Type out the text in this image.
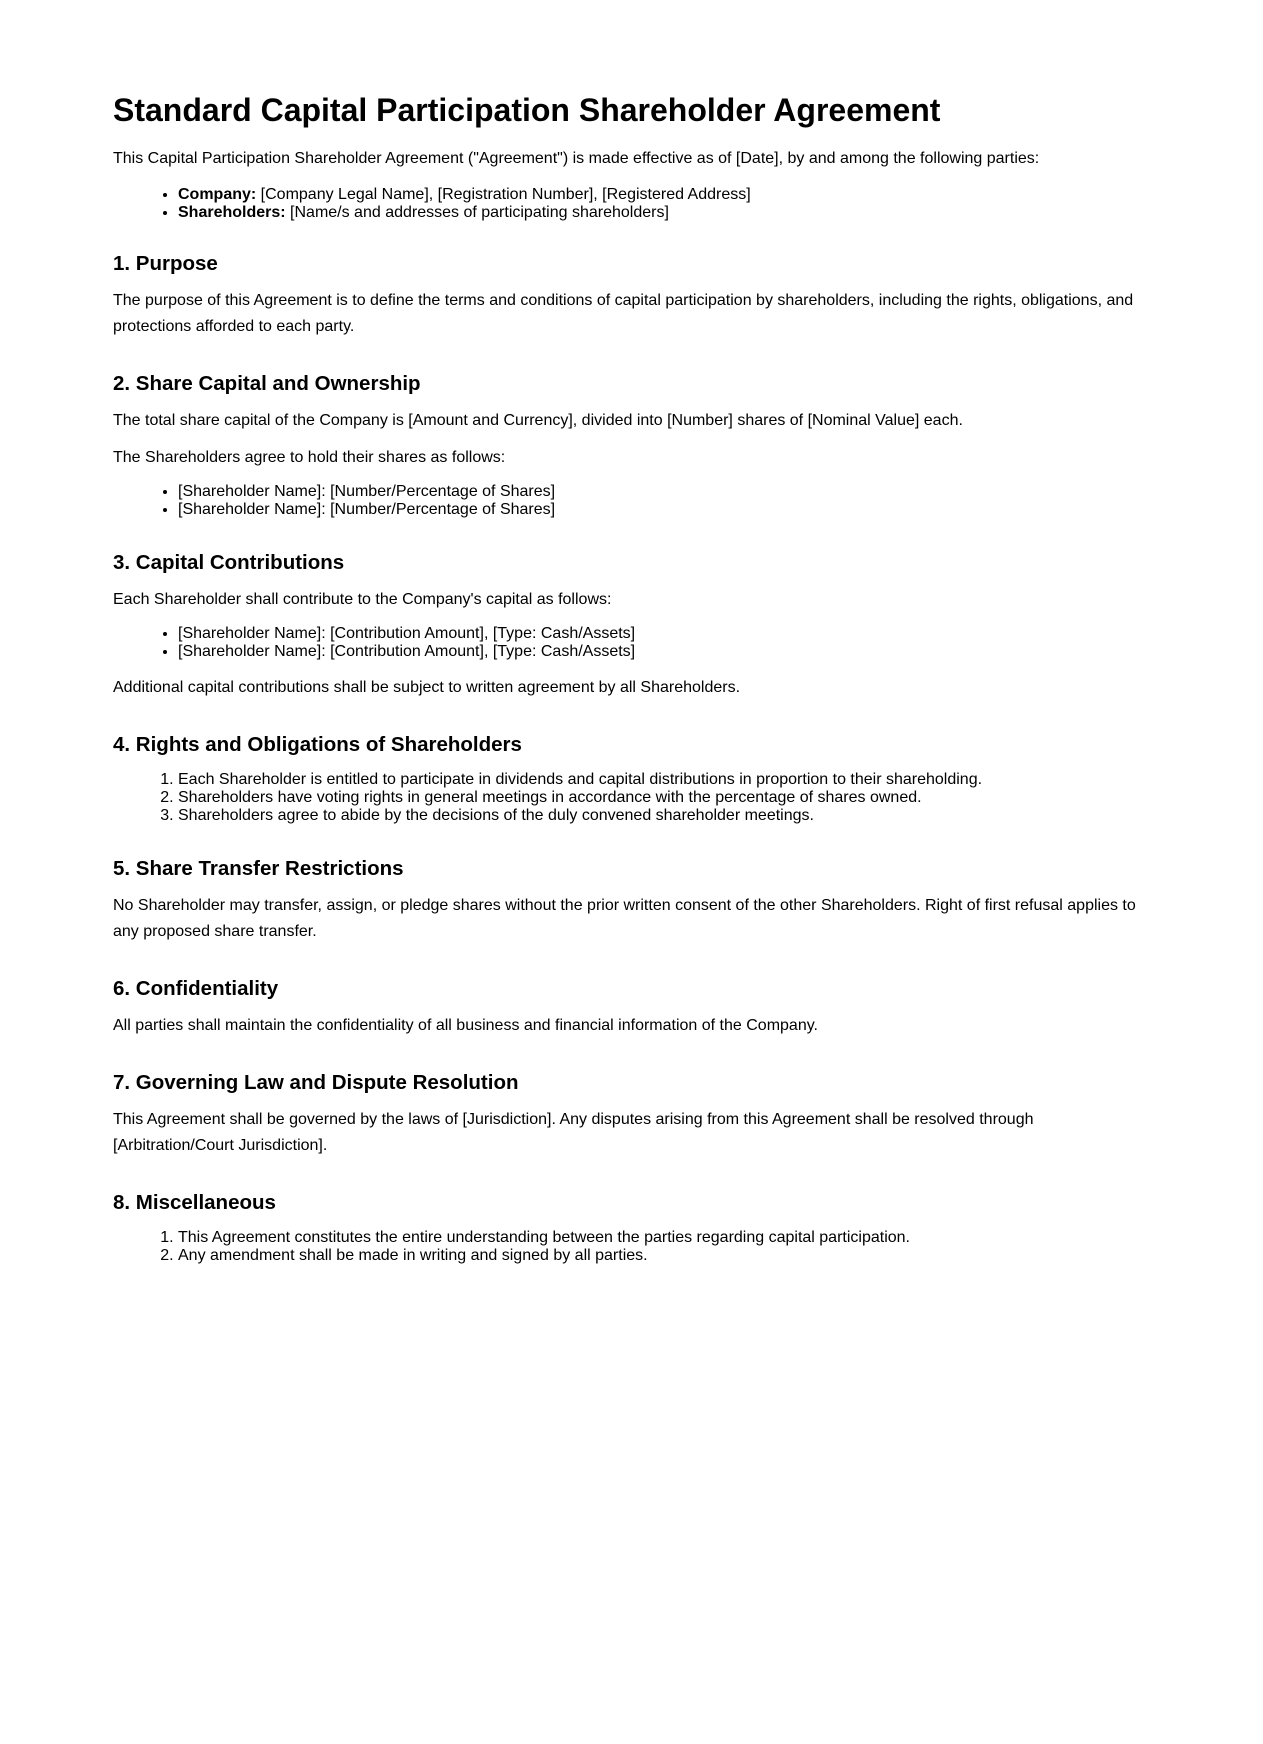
Standard Capital Participation Shareholder Agreement

This Capital Participation Shareholder Agreement ("Agreement") is made effective as of [Date], by and among the following parties:

• Company: [Company Legal Name], [Registration Number], [Registered Address]
• Shareholders: [Name/s and addresses of participating shareholders]
1. Purpose

The purpose of this Agreement is to define the terms and conditions of capital participation by shareholders, including the rights, obligations, and protections afforded to each party.

2. Share Capital and Ownership

The total share capital of the Company is [Amount and Currency], divided into [Number] shares of [Nominal Value] each.

The Shareholders agree to hold their shares as follows:

• [Shareholder Name]: [Number/Percentage of Shares]
• [Shareholder Name]: [Number/Percentage of Shares]
3. Capital Contributions

Each Shareholder shall contribute to the Company's capital as follows:

• [Shareholder Name]: [Contribution Amount], [Type: Cash/Assets]
• [Shareholder Name]: [Contribution Amount], [Type: Cash/Assets]

Additional capital contributions shall be subject to written agreement by all Shareholders.

4. Rights and Obligations of Shareholders
1. Each Shareholder is entitled to participate in dividends and capital distributions in proportion to their shareholding.
2. Shareholders have voting rights in general meetings in accordance with the percentage of shares owned.
3. Shareholders agree to abide by the decisions of the duly convened shareholder meetings.
5. Share Transfer Restrictions

No Shareholder may transfer, assign, or pledge shares without the prior written consent of the other Shareholders. Right of first refusal applies to any proposed share transfer.

6. Confidentiality

All parties shall maintain the confidentiality of all business and financial information of the Company.

7. Governing Law and Dispute Resolution

This Agreement shall be governed by the laws of [Jurisdiction]. Any disputes arising from this Agreement shall be resolved through [Arbitration/Court Jurisdiction].

8. Miscellaneous
1. This Agreement constitutes the entire understanding between the parties regarding capital participation.
2. Any amendment shall be made in writing and signed by all parties.
